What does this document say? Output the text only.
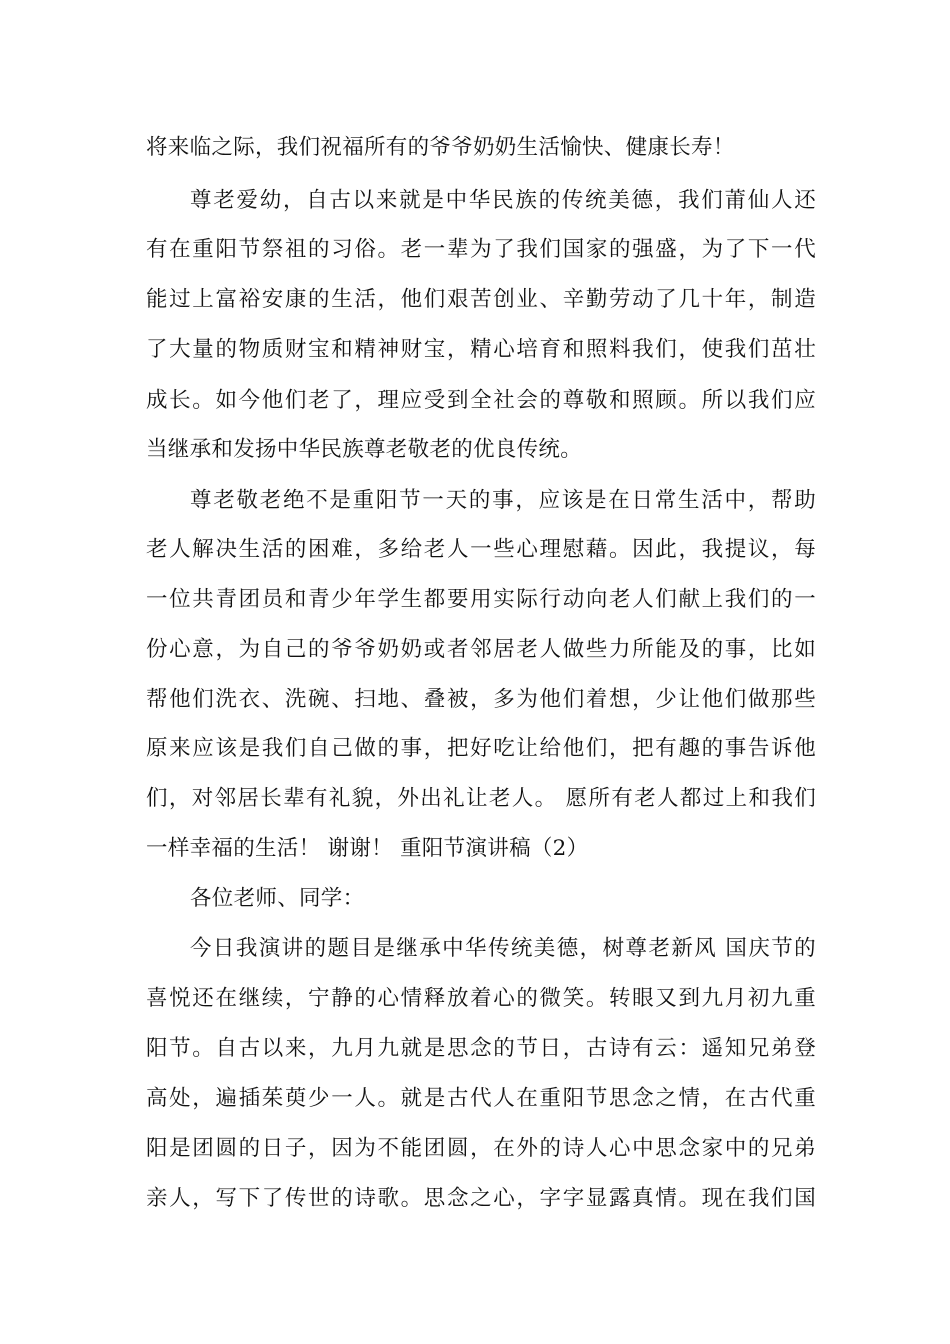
将来临之际，我们祝福所有的爷爷奶奶生活愉快、健康长寿！
尊老爱幼，自古以来就是中华民族的传统美德，我们莆仙人还
有在重阳节祭祖的习俗。老一辈为了我们国家的强盛，为了下一代
能过上富裕安康的生活，他们艰苦创业、辛勤劳动了几十年，制造
了大量的物质财宝和精神财宝，精心培育和照料我们，使我们茁壮
成长。如今他们老了，理应受到全社会的尊敬和照顾。所以我们应
当继承和发扬中华民族尊老敬老的优良传统。
尊老敬老绝不是重阳节一天的事，应该是在日常生活中，帮助
老人解决生活的困难，多给老人一些心理慰藉。因此，我提议，每
一位共青团员和青少年学生都要用实际行动向老人们献上我们的一
份心意，为自己的爷爷奶奶或者邻居老人做些力所能及的事，比如
帮他们洗衣、洗碗、扫地、叠被，多为他们着想，少让他们做那些
原来应该是我们自己做的事，把好吃让给他们，把有趣的事告诉他
们，对邻居长辈有礼貌，外出礼让老人。 愿所有老人都过上和我们
一样幸福的生活！ 谢谢！ 重阳节演讲稿（2）
各位老师、同学：
今日我演讲的题目是继承中华传统美德，树尊老新风 国庆节的
喜悦还在继续，宁静的心情释放着心的微笑。转眼又到九月初九重
阳节。自古以来，九月九就是思念的节日，古诗有云：遥知兄弟登
高处，遍插茱萸少一人。就是古代人在重阳节思念之情，在古代重
阳是团圆的日子，因为不能团圆，在外的诗人心中思念家中的兄弟
亲人，写下了传世的诗歌。思念之心，字字显露真情。现在我们国
